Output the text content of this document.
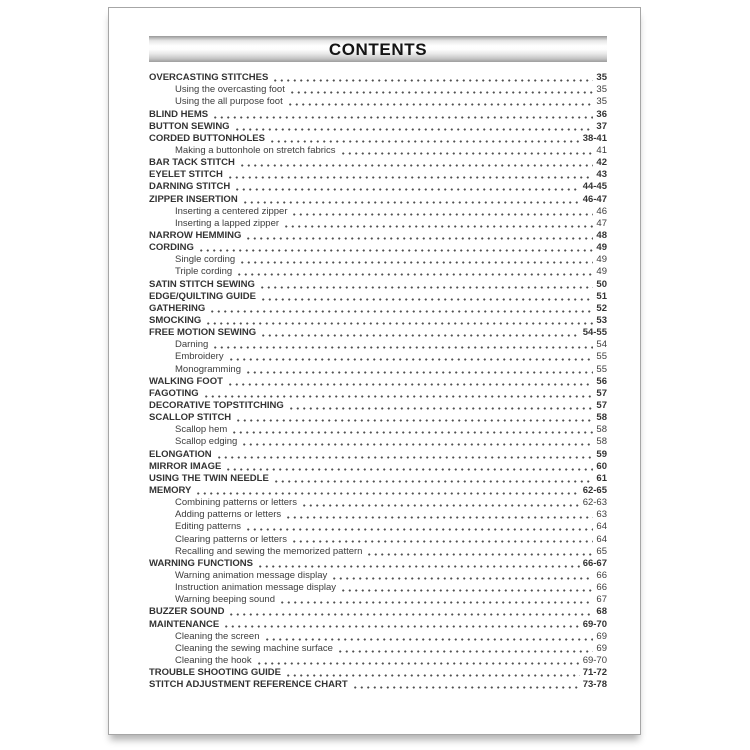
CONTENTS
OVERCASTING STITCHES	35
Using the overcasting foot	35
Using the all purpose foot	35
BLIND HEMS	36
BUTTON SEWING	37
CORDED BUTTONHOLES	38-41
Making a buttonhole on stretch fabrics	41
BAR TACK STITCH	42
EYELET STITCH	43
DARNING STITCH	44-45
ZIPPER INSERTION	46-47
Inserting a centered zipper	46
Inserting a lapped zipper	47
NARROW HEMMING	48
CORDING	49
Single cording	49
Triple cording	49
SATIN STITCH SEWING	50
EDGE/QUILTING GUIDE	51
GATHERING	52
SMOCKING	53
FREE MOTION SEWING	54-55
Darning	54
Embroidery	55
Monogramming	55
WALKING FOOT	56
FAGOTING	57
DECORATIVE TOPSTITCHING	57
SCALLOP STITCH	58
Scallop hem	58
Scallop edging	58
ELONGATION	59
MIRROR IMAGE	60
USING THE TWIN NEEDLE	61
MEMORY	62-65
Combining patterns or letters	62-63
Adding patterns or letters	63
Editing patterns	64
Clearing patterns or letters	64
Recalling and sewing the memorized pattern	65
WARNING FUNCTIONS	66-67
Warning animation message display	66
Instruction animation message display	66
Warning beeping sound	67
BUZZER SOUND	68
MAINTENANCE	69-70
Cleaning the screen	69
Cleaning the sewing machine surface	69
Cleaning the hook	69-70
TROUBLE SHOOTING GUIDE	71-72
STITCH ADJUSTMENT REFERENCE CHART	73-78
